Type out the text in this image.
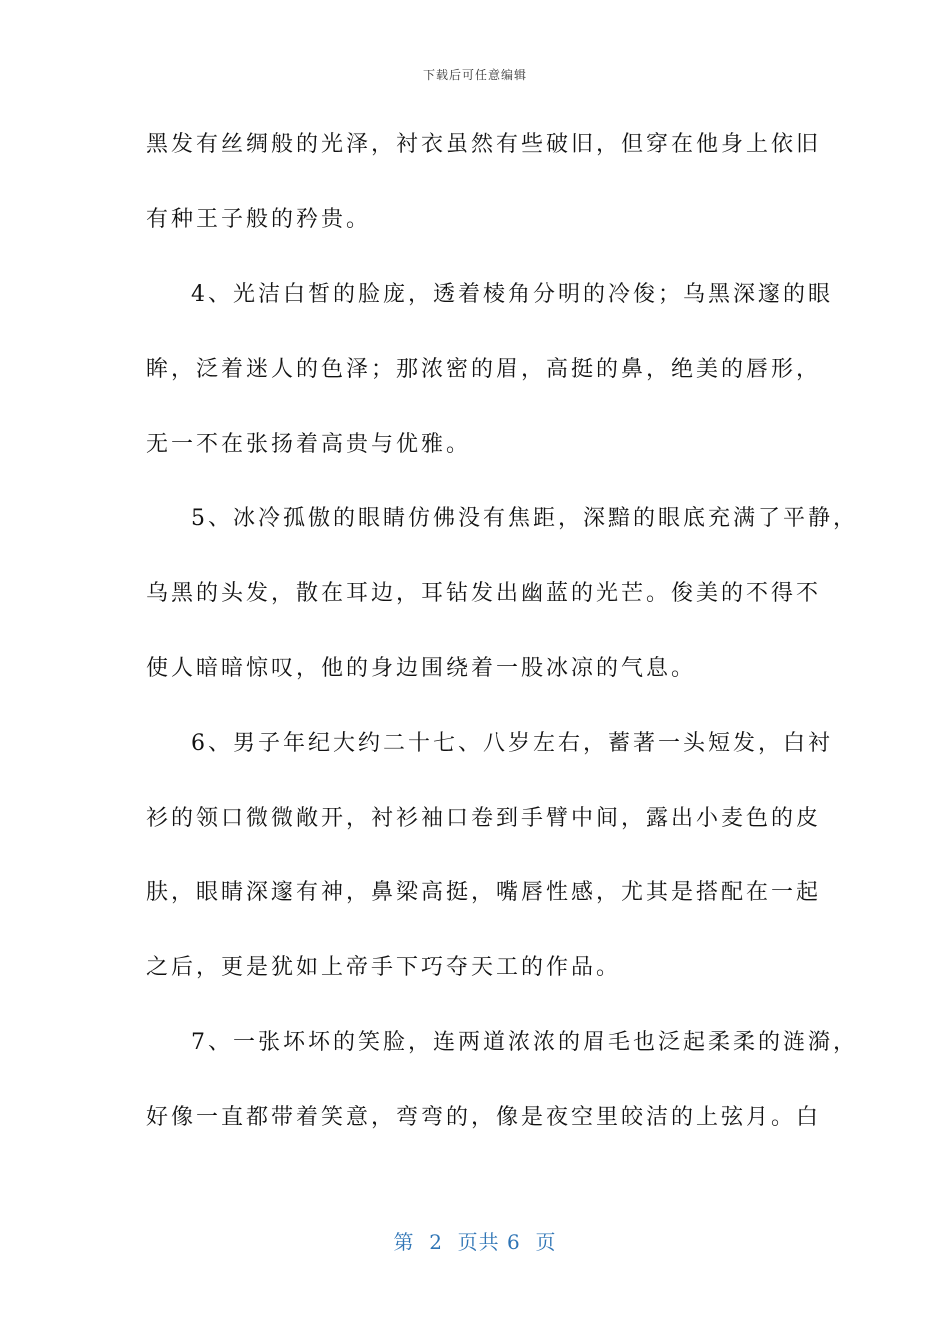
下载后可任意编辑
黑发有丝绸般的光泽，衬衣虽然有些破旧，但穿在他身上依旧
有种王子般的矜贵。
4、光洁白皙的脸庞，透着棱角分明的冷俊；乌黑深邃的眼
眸，泛着迷人的色泽；那浓密的眉，高挺的鼻，绝美的唇形，
无一不在张扬着高贵与优雅。
5、冰冷孤傲的眼睛仿佛没有焦距，深黯的眼底充满了平静，
乌黑的头发，散在耳边，耳钻发出幽蓝的光芒。俊美的不得不
使人暗暗惊叹，他的身边围绕着一股冰凉的气息。
6、男子年纪大约二十七、八岁左右，蓄著一头短发，白衬
衫的领口微微敞开，衬衫袖口卷到手臂中间，露出小麦色的皮
肤，眼睛深邃有神，鼻梁高挺，嘴唇性感，尤其是搭配在一起
之后，更是犹如上帝手下巧夺天工的作品。
7、一张坏坏的笑脸，连两道浓浓的眉毛也泛起柔柔的涟漪，
好像一直都带着笑意，弯弯的，像是夜空里皎洁的上弦月。白
第  2  页共 6  页
